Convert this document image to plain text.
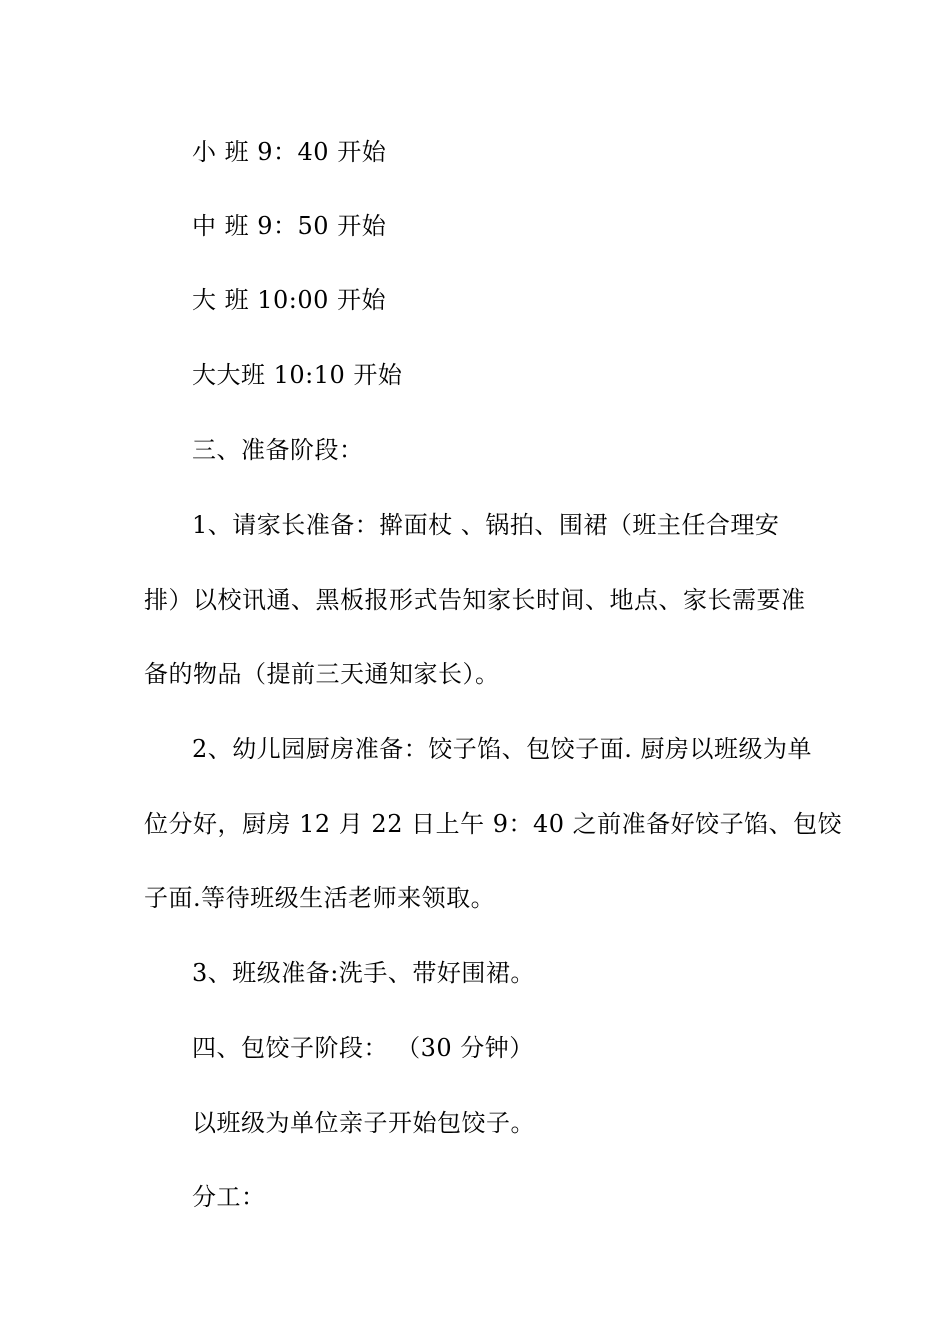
小 班 9：40 开始
中 班 9：50 开始
大 班 10:00 开始
大大班 10:10 开始
三、准备阶段：
1、请家长准备：擀面杖 、锅拍、围裙（班主任合理安
排）以校讯通、黑板报形式告知家长时间、地点、家长需要准
备的物品（提前三天通知家长）。
2、幼儿园厨房准备：饺子馅、包饺子面. 厨房以班级为单
位分好，厨房 12 月 22 日上午 9：40 之前准备好饺子馅、包饺
子面.等待班级生活老师来领取。
3、班级准备:洗手、带好围裙。
四、包饺子阶段： （30 分钟）
以班级为单位亲子开始包饺子。
分工：
